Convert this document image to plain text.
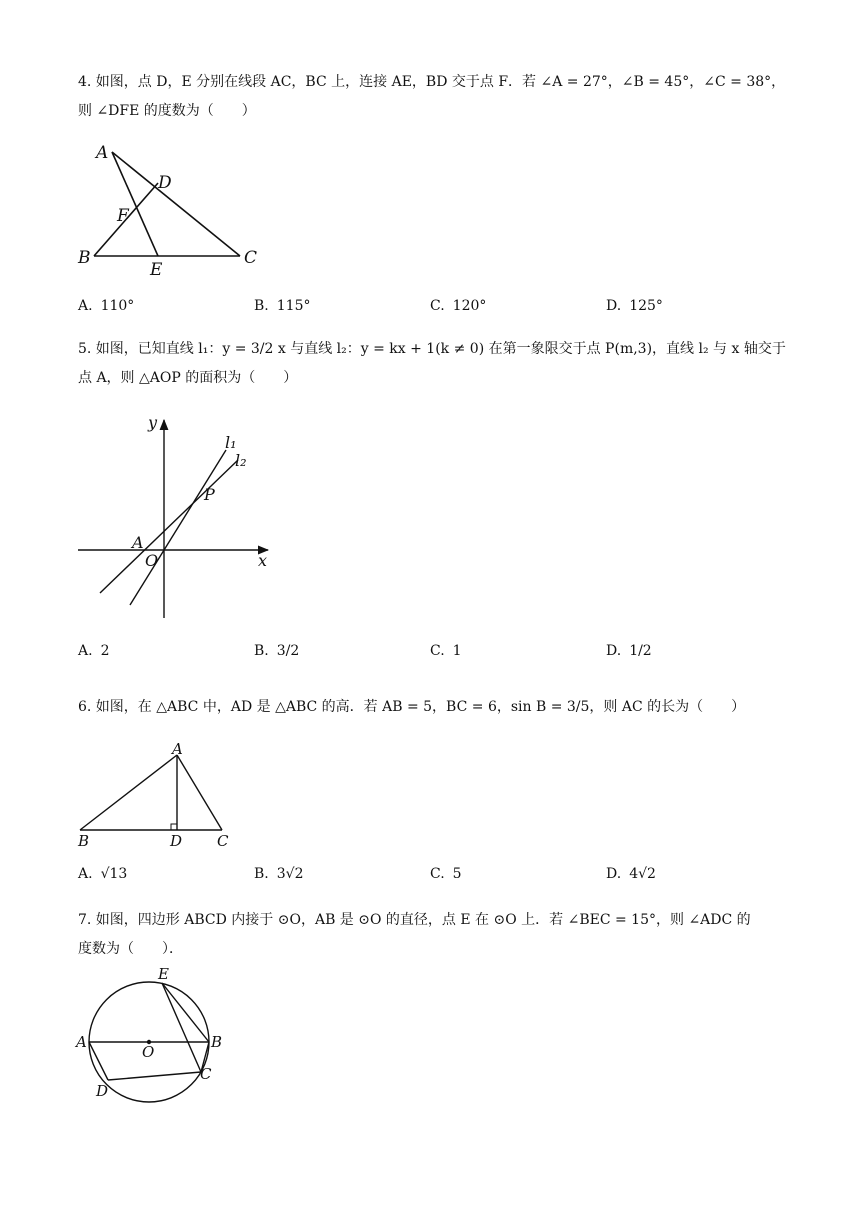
4. 如图，点 D，E 分别在线段 AC，BC 上，连接 AE，BD 交于点 F．若 ∠A = 27°，∠B = 45°，∠C = 38°，
则 ∠DFE 的度数为（　　）
A
D
F
B
E
C
A. 110°	B. 115°	C. 120°	D. 125°
5. 如图，已知直线 l₁：y = 3/2 x 与直线 l₂：y = kx + 1(k ≠ 0) 在第一象限交于点 P(m,3)，直线 l₂ 与 x 轴交于
点 A，则 △AOP 的面积为（　　）
y
x
O
A
P
l₁
l₂
A. 2	B. 3/2	C. 1	D. 1/2
6. 如图，在 △ABC 中，AD 是 △ABC 的高．若 AB = 5，BC = 6，sin B = 3/5，则 AC 的长为（　　）
A
B	D C
A. √13	B. 3√2	C. 5	D. 4√2
7. 如图，四边形 ABCD 内接于 ⊙O，AB 是 ⊙O 的直径，点 E 在 ⊙O 上．若 ∠BEC = 15°，则 ∠ADC 的
度数为（　　）．
E
A
O
B
C
D
